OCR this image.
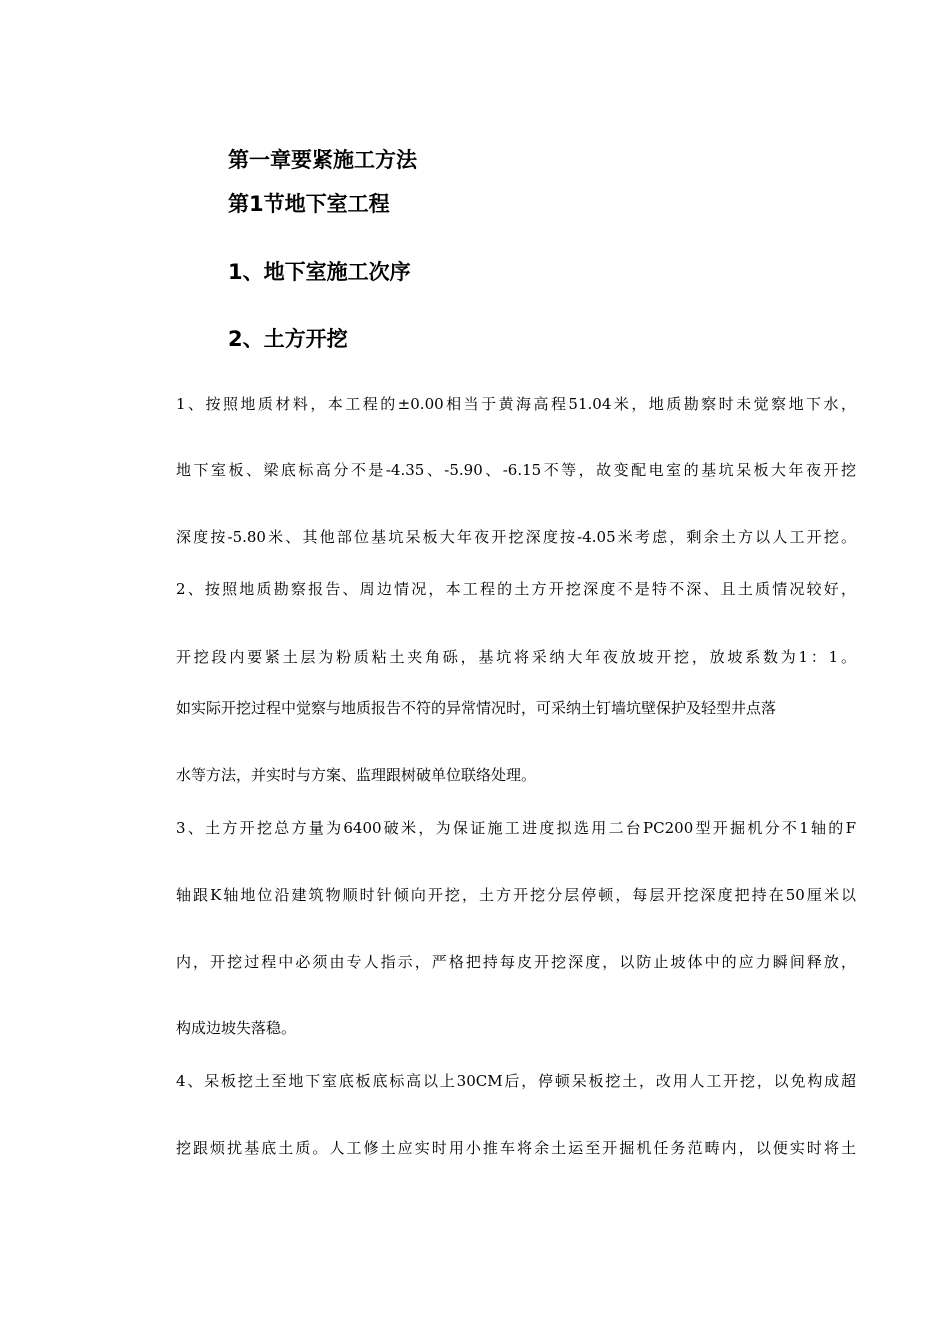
第一章要紧施工方法
第1节地下室工程
1、地下室施工次序
2、土方开挖
1、按照地质材料，本工程的±0.00相当于黄海高程51.04米，地质勘察时未觉察地下水，
地下室板、梁底标高分不是-4.35、-5.90、-6.15不等，故变配电室的基坑呆板大年夜开挖
深度按-5.80米、其他部位基坑呆板大年夜开挖深度按-4.05米考虑，剩余土方以人工开挖。
2、按照地质勘察报告、周边情况，本工程的土方开挖深度不是特不深、且土质情况较好，
开挖段内要紧土层为粉质粘土夹角砾，基坑将采纳大年夜放坡开挖，放坡系数为1：1。
如实际开挖过程中觉察与地质报告不符的异常情况时，可采纳土钉墙坑壁保护及轻型井点落
水等方法，并实时与方案、监理跟树破单位联络处理。
3、土方开挖总方量为6400破米，为保证施工进度拟选用二台PC200型开掘机分不1轴的F
轴跟K轴地位沿建筑物顺时针倾向开挖，土方开挖分层停顿，每层开挖深度把持在50厘米以
内，开挖过程中必须由专人指示，严格把持每皮开挖深度，以防止坡体中的应力瞬间释放，
构成边坡失落稳。
4、呆板挖土至地下室底板底标高以上30CM后，停顿呆板挖土，改用人工开挖，以免构成超
挖跟烦扰基底土质。人工修土应实时用小推车将余土运至开掘机任务范畴内，以便实时将土
